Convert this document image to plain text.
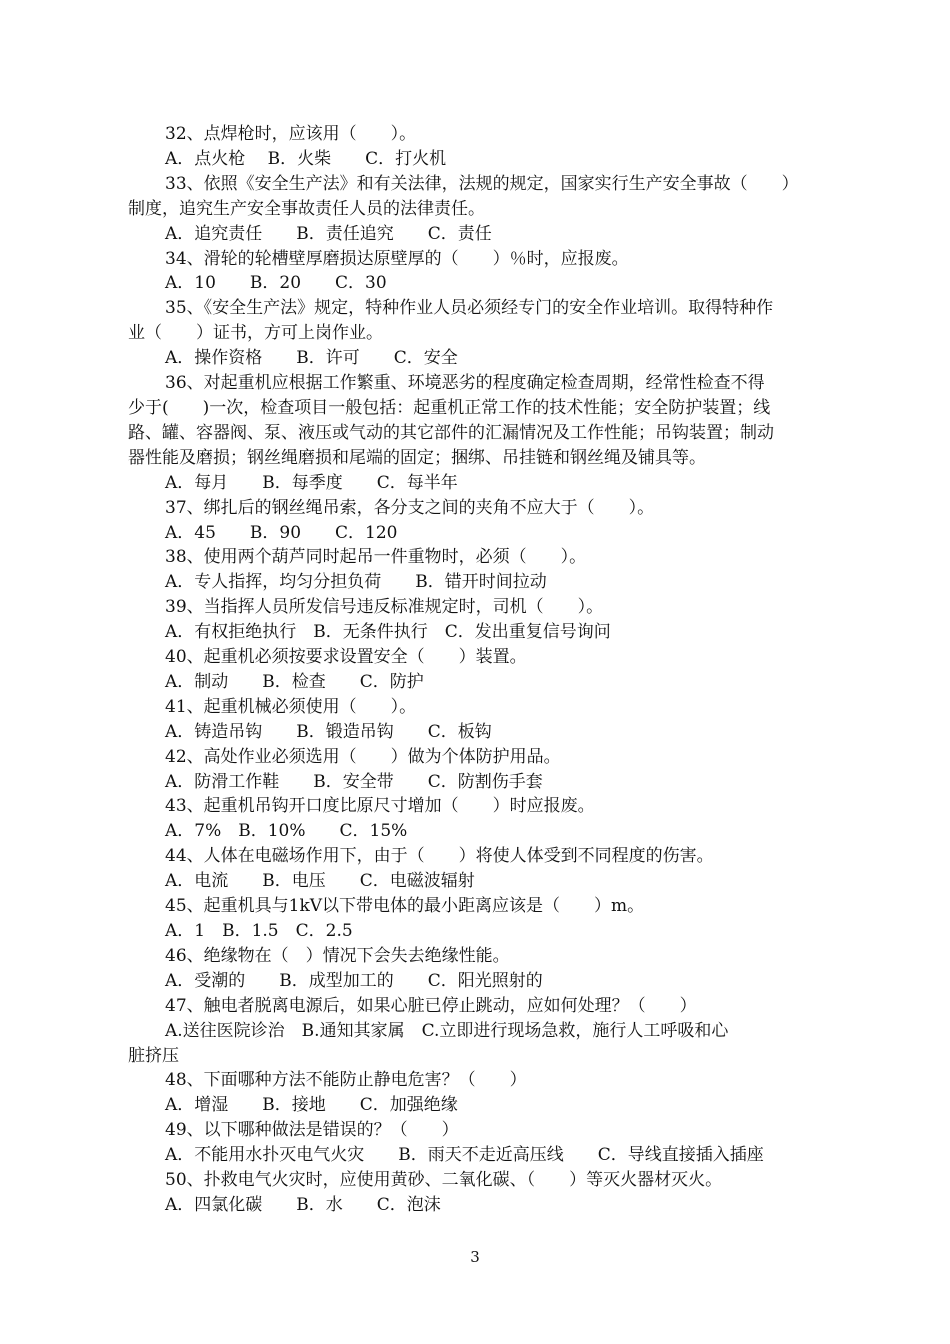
32、点焊枪时，应该用（　　）。
A．点火枪　 B．火柴　　C．打火机
33、依照《安全生产法》和有关法律，法规的规定，国家实行生产安全事故（　　）
制度，追究生产安全事故责任人员的法律责任。
A．追究责任　　B．责任追究　　C．责任
34、滑轮的轮槽壁厚磨损达原壁厚的（　　）％时，应报废。
A．10　　B．20　　C．30
35、《安全生产法》规定，特种作业人员必须经专门的安全作业培训。取得特种作
业（　　）证书，方可上岗作业。
A．操作资格　　B．许可　　C．安全
36、对起重机应根据工作繁重、环境恶劣的程度确定检查周期，经常性检查不得
少于(　　)一次，检查项目一般包括：起重机正常工作的技术性能；安全防护装置；线
路、罐、容器阀、泵、液压或气动的其它部件的汇漏情况及工作性能；吊钩装置；制动
器性能及磨损；钢丝绳磨损和尾端的固定；捆绑、吊挂链和钢丝绳及铺具等。
A．每月　　B．每季度　　C．每半年
37、绑扎后的钢丝绳吊索，各分支之间的夹角不应大于（　　）。
A．45　　B．90　　C．120
38、使用两个葫芦同时起吊一件重物时，必须（　　）。
A．专人指挥，均匀分担负荷　　B．错开时间拉动
39、当指挥人员所发信号违反标准规定时，司机（　　）。
A．有权拒绝执行　B．无条件执行　C．发出重复信号询问
40、起重机必须按要求设置安全（　　）装置。
A．制动　　B．检查　　C．防护
41、起重机械必须使用（　　）。
A．铸造吊钩　　B．锻造吊钩　　C．板钩
42、高处作业必须选用（　　）做为个体防护用品。
A．防滑工作鞋　　B．安全带　　C．防割伤手套
43、起重机吊钩开口度比原尺寸增加（　　）时应报废。
A．7%　B．10%　　C．15%
44、人体在电磁场作用下，由于（　　）将使人体受到不同程度的伤害。
A．电流　　B．电压　　C．电磁波辐射
45、起重机具与1kV以下带电体的最小距离应该是（　　）m。
A．1　B．1.5　C．2.5
46、绝缘物在（　）情况下会失去绝缘性能。
A．受潮的　　B．成型加工的　　C．阳光照射的
47、触电者脱离电源后，如果心脏已停止跳动，应如何处理？（　　）
A.送往医院诊治　B.通知其家属　C.立即进行现场急救，施行人工呼吸和心
脏挤压
48、下面哪种方法不能防止静电危害？（　　）
A．增湿　　B．接地　　C．加强绝缘
49、以下哪种做法是错误的？（　　）
A．不能用水扑灭电气火灾　　B．雨天不走近高压线　　C．导线直接插入插座
50、扑救电气火灾时，应使用黄砂、二氧化碳、（　　）等灭火器材灭火。
A．四氯化碳　　B．水　　C．泡沫
3
